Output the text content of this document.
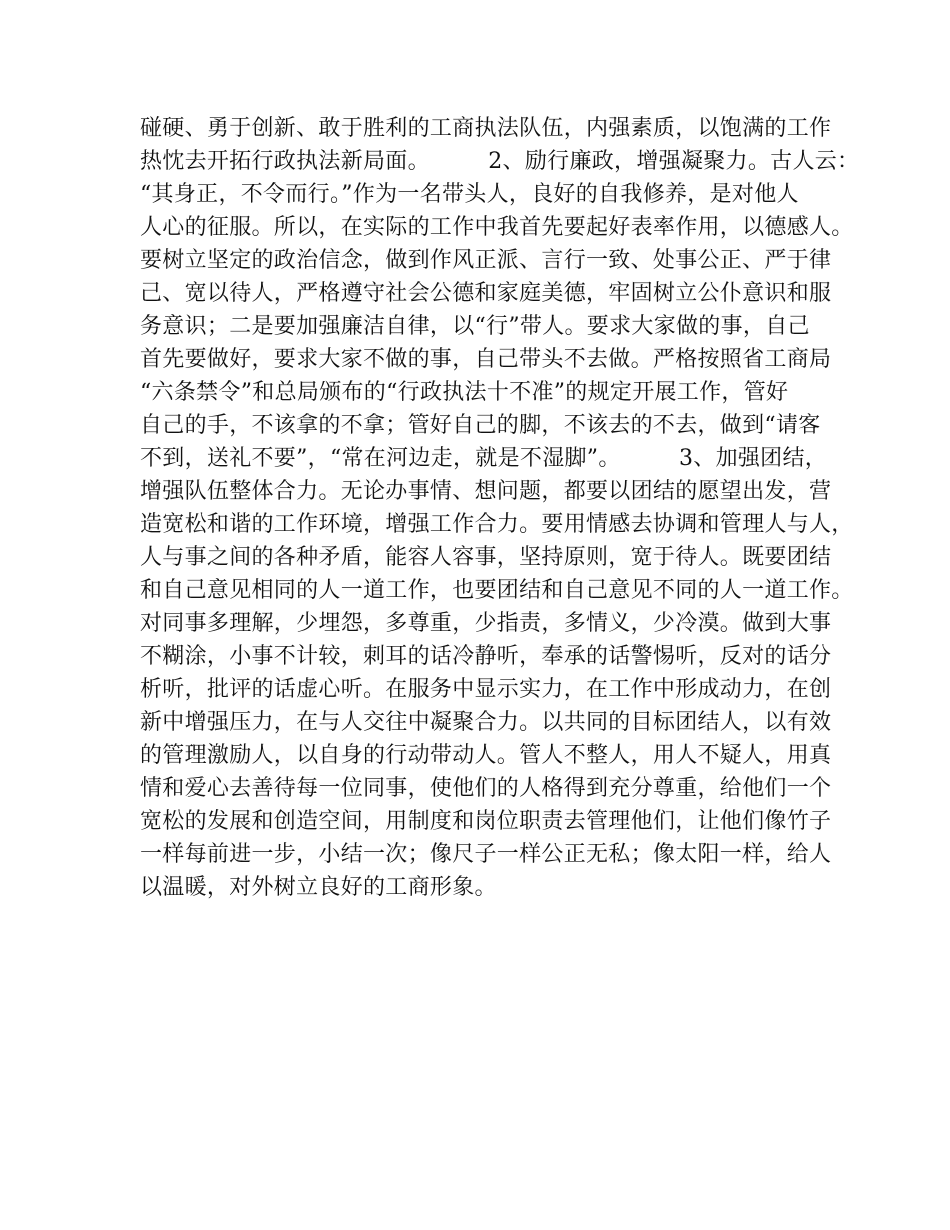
碰硬、勇于创新、敢于胜利的工商执法队伍，内强素质，以饱满的工作
热忱去开拓行政执法新局面。        2、励行廉政，增强凝聚力。古人云：
“其身正，不令而行。”作为一名带头人，良好的自我修养，是对他人
人心的征服。所以，在实际的工作中我首先要起好表率作用，以德感人。
要树立坚定的政治信念，做到作风正派、言行一致、处事公正、严于律
己、宽以待人，严格遵守社会公德和家庭美德，牢固树立公仆意识和服
务意识；二是要加强廉洁自律，以“行”带人。要求大家做的事，自己
首先要做好，要求大家不做的事，自己带头不去做。严格按照省工商局
“六条禁令”和总局颁布的“行政执法十不准”的规定开展工作，管好
自己的手，不该拿的不拿；管好自己的脚，不该去的不去，做到“请客
不到，送礼不要”，“常在河边走，就是不湿脚”。        3、加强团结，
增强队伍整体合力。无论办事情、想问题，都要以团结的愿望出发，营
造宽松和谐的工作环境，增强工作合力。要用情感去协调和管理人与人，
人与事之间的各种矛盾，能容人容事，坚持原则，宽于待人。既要团结
和自己意见相同的人一道工作，也要团结和自己意见不同的人一道工作。
对同事多理解，少埋怨，多尊重，少指责，多情义，少冷漠。做到大事
不糊涂，小事不计较，刺耳的话冷静听，奉承的话警惕听，反对的话分
析听，批评的话虚心听。在服务中显示实力，在工作中形成动力，在创
新中增强压力，在与人交往中凝聚合力。以共同的目标团结人，以有效
的管理激励人，以自身的行动带动人。管人不整人，用人不疑人，用真
情和爱心去善待每一位同事，使他们的人格得到充分尊重，给他们一个
宽松的发展和创造空间，用制度和岗位职责去管理他们，让他们像竹子
一样每前进一步，小结一次；像尺子一样公正无私；像太阳一样，给人
以温暖，对外树立良好的工商形象。
